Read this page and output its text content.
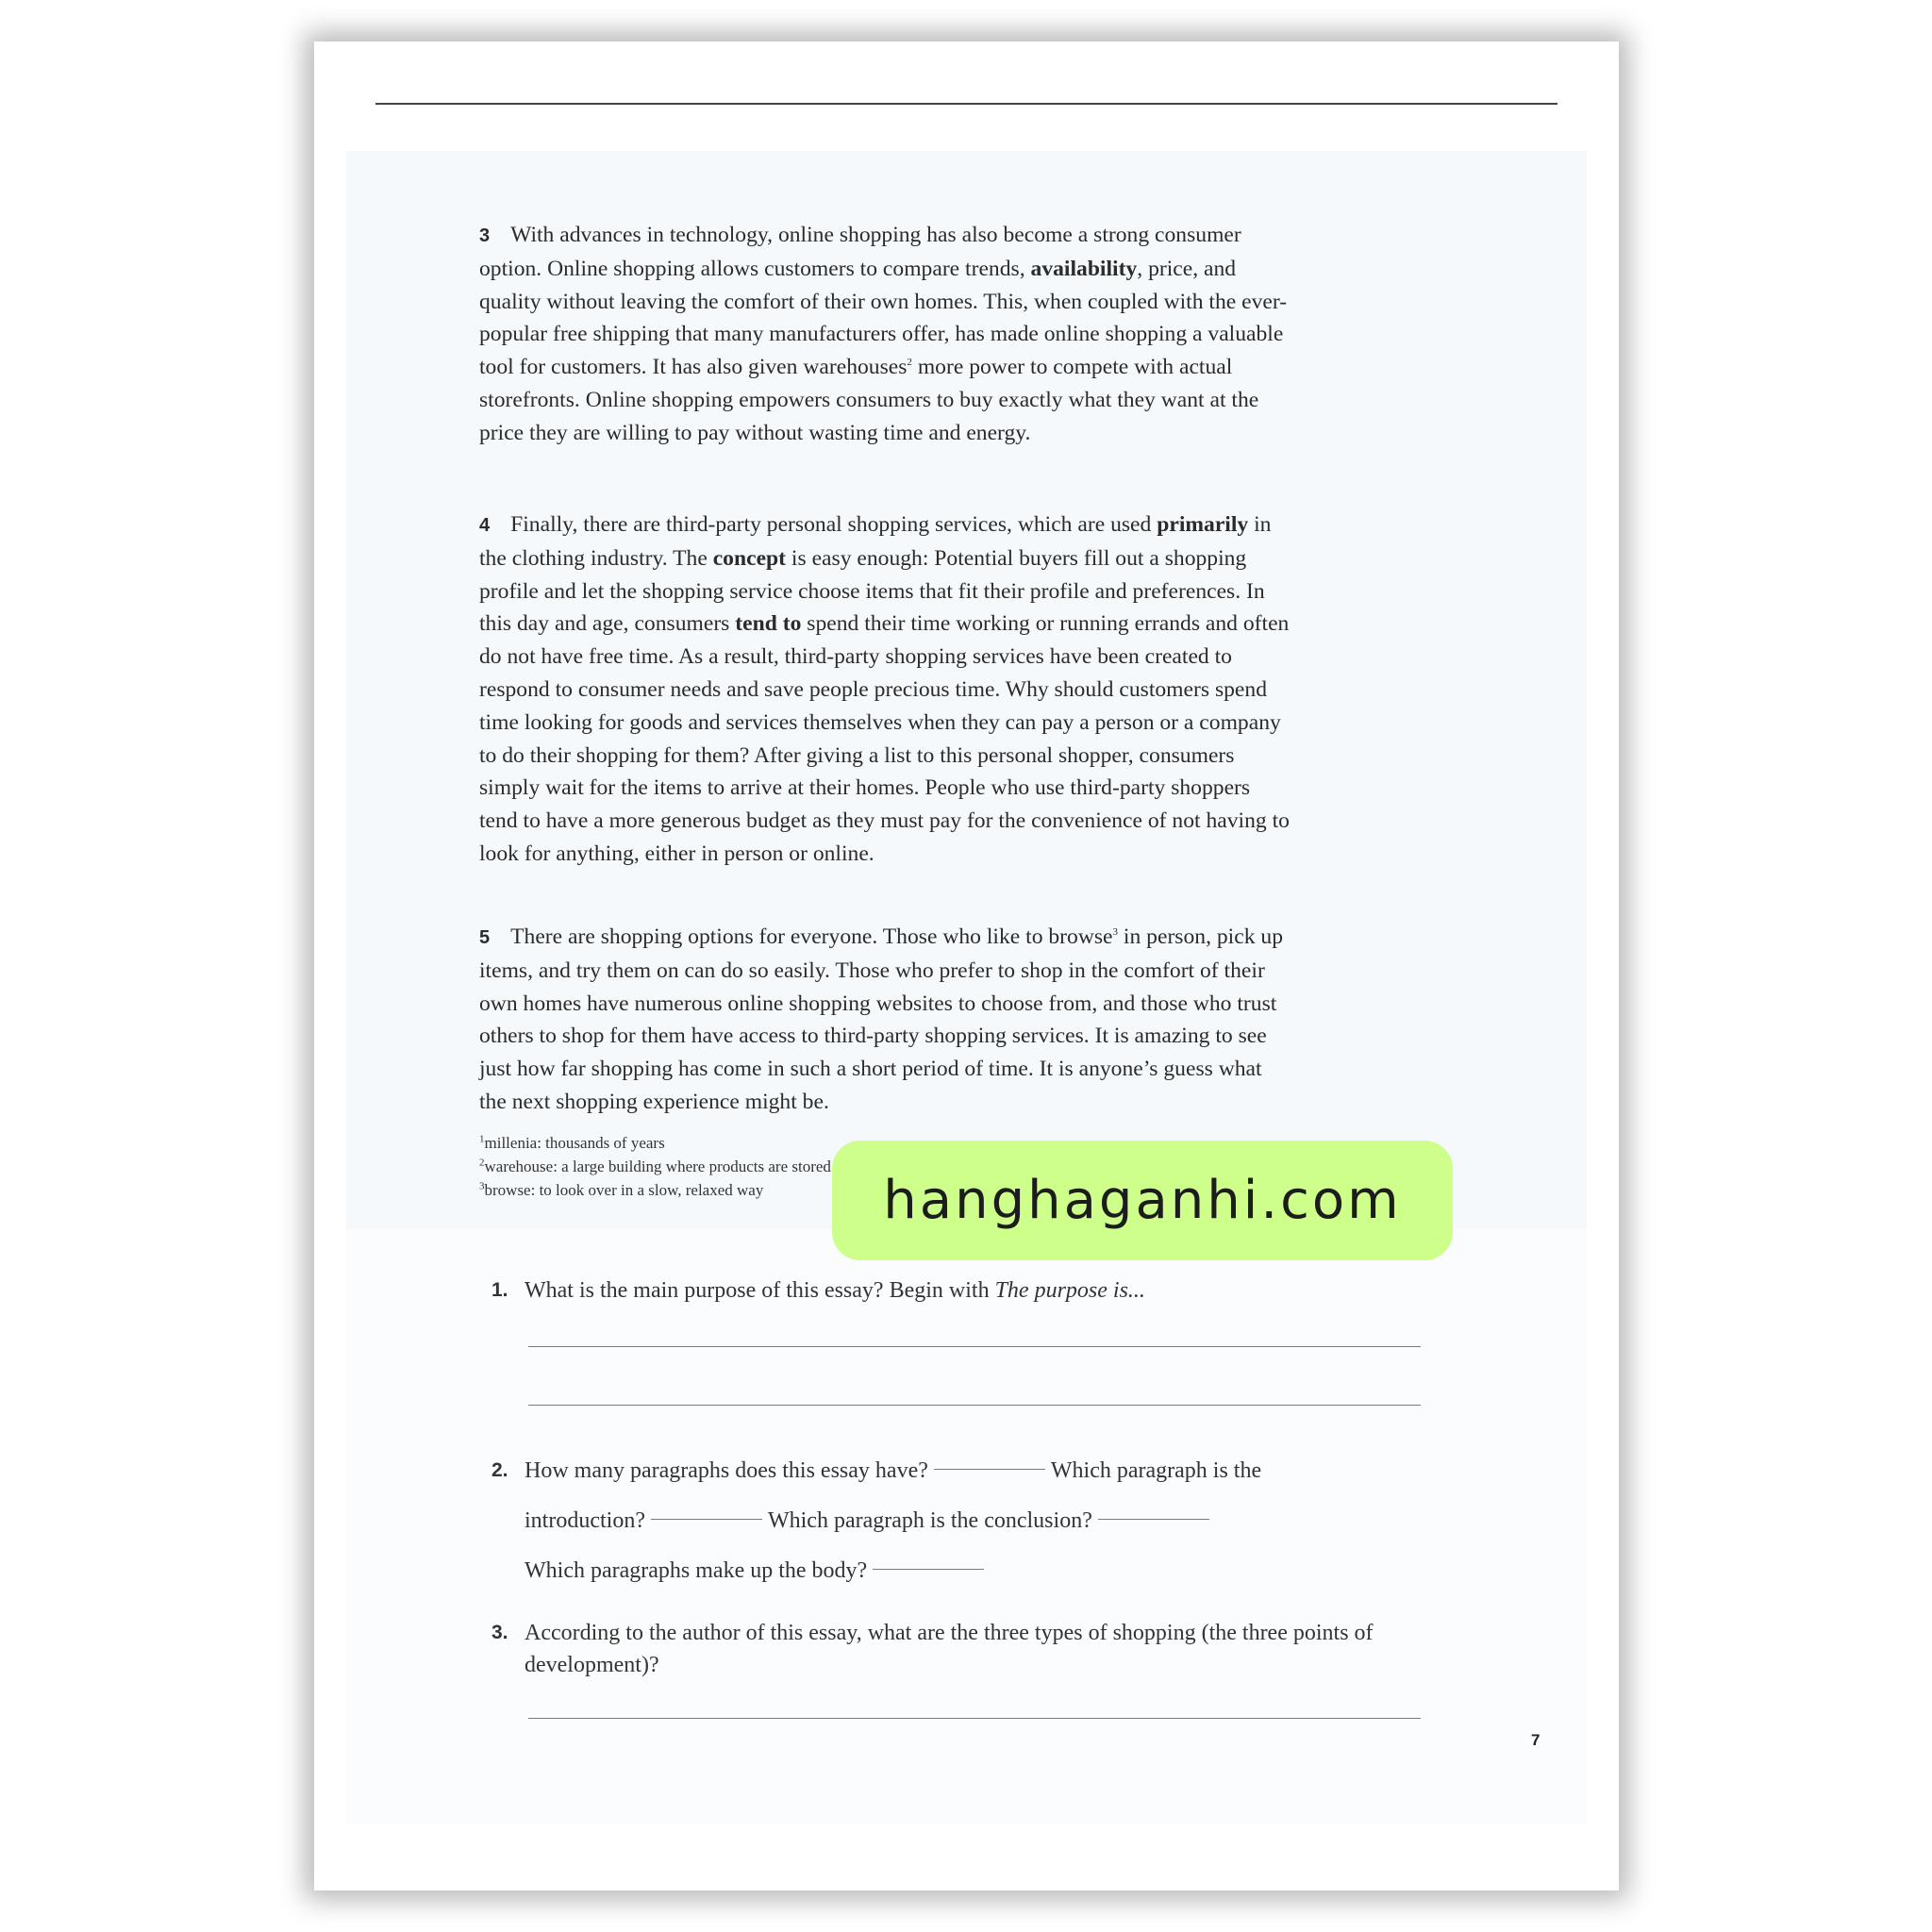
3 With advances in technology, online shopping has also become a strong consumer option. Online shopping allows customers to compare trends, availability, price, and quality without leaving the comfort of their own homes. This, when coupled with the ever-popular free shipping that many manufacturers offer, has made online shopping a valuable tool for customers. It has also given warehouses$^2$ more power to compete with actual storefronts. Online shopping empowers consumers to buy exactly what they want at the price they are willing to pay without wasting time and energy.

4 Finally, there are third-party personal shopping services, which are used primarily in the clothing industry. The concept is easy enough: Potential buyers fill out a shopping profile and let the shopping service choose items that fit their profile and preferences. In this day and age, consumers tend to spend their time working or running errands and often do not have free time. As a result, third-party shopping services have been created to respond to consumer needs and save people precious time. Why should customers spend time looking for goods and services themselves when they can pay a person or a company to do their shopping for them? After giving a list to this personal shopper, consumers simply wait for the items to arrive at their homes. People who use third-party shoppers tend to have a more generous budget as they must pay for the convenience of not having to look for anything, either in person or online.

5 There are shopping options for everyone. Those who like to browse$^3$ in person, pick up items, and try them on can do so easily. Those who prefer to shop in the comfort of their own homes have numerous online shopping websites to choose from, and those who trust others to shop for them have access to third-party shopping services. It is amazing to see just how far shopping has come in such a short period of time. It is anyone’s guess what the next shopping experience might be.

$^1$millenia: thousands of years
$^2$warehouse: a large building where products are stored
$^3$browse: to look over in a slow, relaxed way
1. What is the main purpose of this essay? Begin with The purpose is...
2. How many paragraphs does this essay have?	Which paragraph is the
introduction?	Which paragraph is the conclusion?
Which paragraphs make up the body?
3. According to the author of this essay, what are the three types of shopping (the three points of development)?
7
hanghaganhi.com
